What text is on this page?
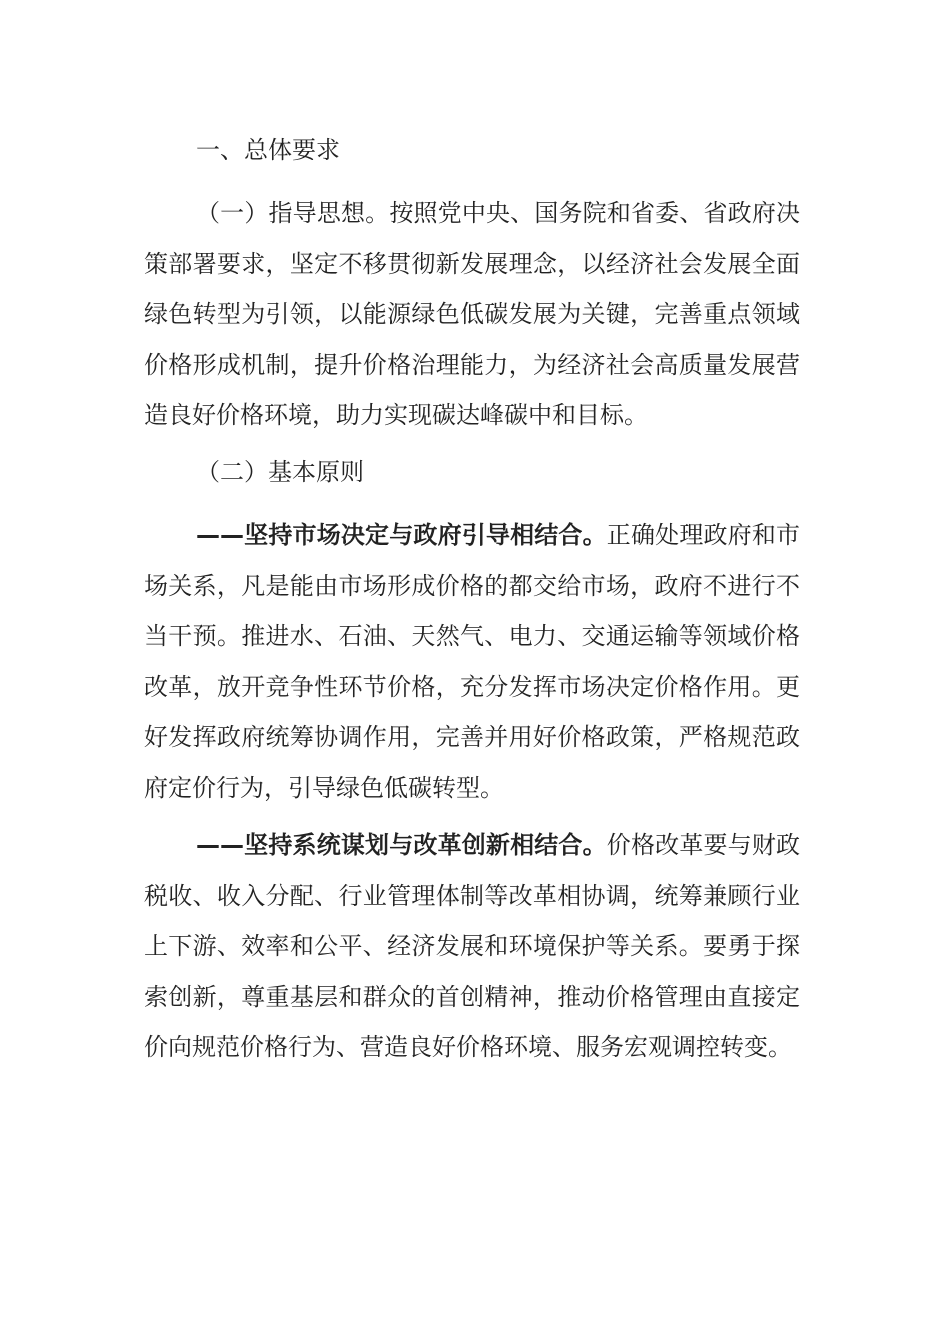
一、总体要求

（一）指导思想。按照党中央、国务院和省委、省政府决策部署要求，坚定不移贯彻新发展理念，以经济社会发展全面绿色转型为引领，以能源绿色低碳发展为关键，完善重点领域价格形成机制，提升价格治理能力，为经济社会高质量发展营造良好价格环境，助力实现碳达峰碳中和目标。

（二）基本原则

——坚持市场决定与政府引导相结合。正确处理政府和市场关系，凡是能由市场形成价格的都交给市场，政府不进行不当干预。推进水、石油、天然气、电力、交通运输等领域价格改革，放开竞争性环节价格，充分发挥市场决定价格作用。更好发挥政府统筹协调作用，完善并用好价格政策，严格规范政府定价行为，引导绿色低碳转型。

——坚持系统谋划与改革创新相结合。价格改革要与财政税收、收入分配、行业管理体制等改革相协调，统筹兼顾行业上下游、效率和公平、经济发展和环境保护等关系。要勇于探索创新，尊重基层和群众的首创精神，推动价格管理由直接定价向规范价格行为、营造良好价格环境、服务宏观调控转变。
